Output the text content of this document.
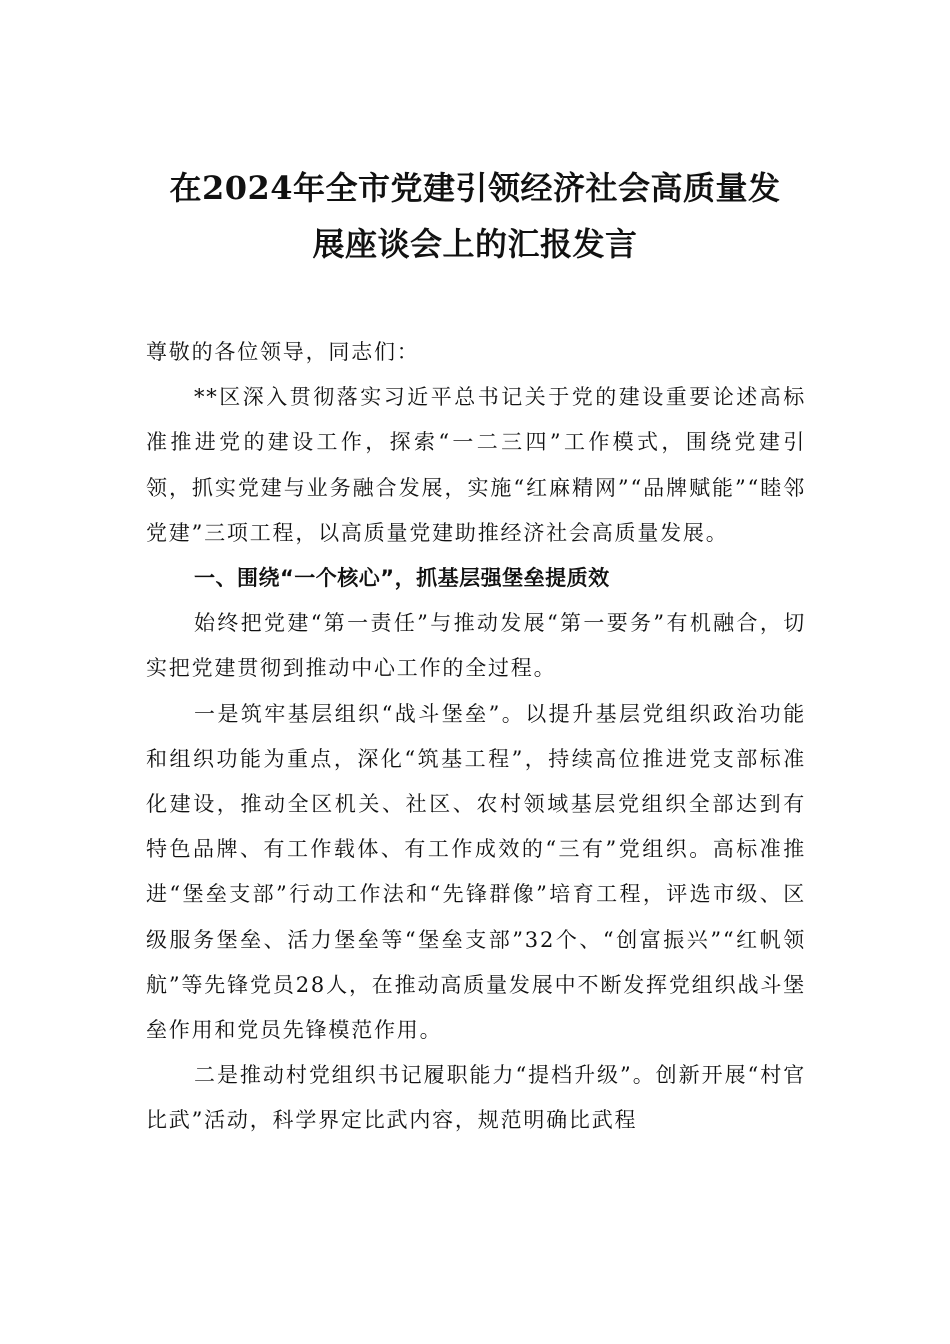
在2024年全市党建引领经济社会高质量发
展座谈会上的汇报发言

尊敬的各位领导，同志们：

**区深入贯彻落实习近平总书记关于党的建设重要论述高标准推进党的建设工作，探索“一二三四”工作模式，围绕党建引领，抓实党建与业务融合发展，实施“红麻精网”“品牌赋能”“睦邻党建”三项工程，以高质量党建助推经济社会高质量发展。

一、围绕“一个核心”，抓基层强堡垒提质效

始终把党建“第一责任”与推动发展“第一要务”有机融合，切实把党建贯彻到推动中心工作的全过程。

一是筑牢基层组织“战斗堡垒”。以提升基层党组织政治功能和组织功能为重点，深化“筑基工程”，持续高位推进党支部标准化建设，推动全区机关、社区、农村领域基层党组织全部达到有特色品牌、有工作载体、有工作成效的“三有”党组织。高标准推进“堡垒支部”行动工作法和“先锋群像”培育工程，评选市级、区级服务堡垒、活力堡垒等“堡垒支部”32个、“创富振兴”“红帆领航”等先锋党员28人，在推动高质量发展中不断发挥党组织战斗堡垒作用和党员先锋模范作用。

二是推动村党组织书记履职能力“提档升级”。创新开展“村官比武”活动，科学界定比武内容，规范明确比武程
